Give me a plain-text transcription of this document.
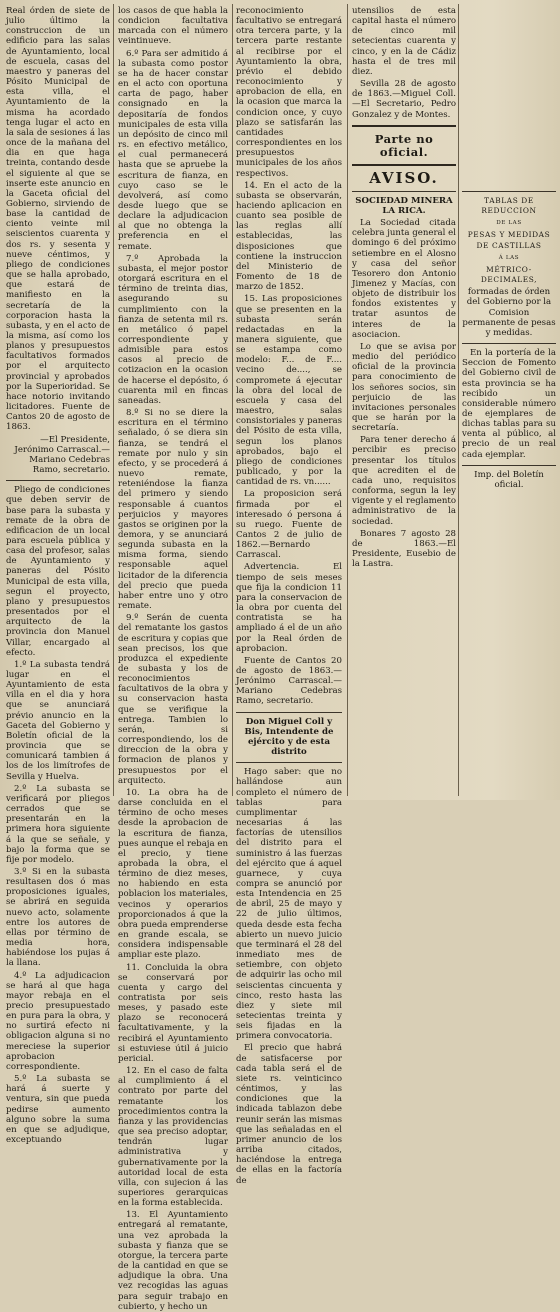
Real órden de siete de julio último la construccion de un edificio para las salas de Ayuntamiento, local de escuela, casas del maestro y paneras del Pósito Municipal de esta villa, el Ayuntamiento de la misma ha acordado tenga lugar el acto en la sala de sesiones á las once de la mañana del dia en que haga treinta, contando desde el siguiente al que se inserte este anuncio en la Gaceta oficial del Gobierno, sirviendo de base la cantidad de ciento veinte mil seiscientos cuarenta y dos rs. y sesenta y nueve céntimos, y pliego de condiciones que se halla aprobado, que estará de manifiesto en la secretaría de la corporacion hasta la subasta, y en el acto de la misma, así como los planos y presupuestos facultativos formados por el arquitecto provincial y aprobados por la Superioridad. Se hace notorio invitando licitadores. Fuente de Cantos 20 de agosto de 1863.

—El Presidente, Jerónimo Carrascal.—Mariano Cedebras Ramo, secretario.

Pliego de condiciones que deben servir de base para la subasta y remate de la obra de edificacion de un local para escuela pública y casa del profesor, salas de Ayuntamiento y paneras del Pósito Municipal de esta villa, segun el proyecto, plano y presupuestos presentados por el arquitecto de la provincia don Manuel Villar, encargado al efecto.

1.º La subasta tendrá lugar en el Ayuntamiento de esta villa en el dia y hora que se anunciará prévio anuncio en la Gaceta del Gobierno y Boletín oficial de la provincia que se comunicará tambien á los de los limítrofes de Sevilla y Huelva.

2.º La subasta se verificará por pliegos cerrados que se presentarán en la primera hora siguiente á la que se señale, y bajo la forma que se fije por modelo.

3.º Si en la subasta resultasen dos ó mas proposiciones iguales, se abrirá en seguida nuevo acto, solamente entre los autores de ellas por término de media hora, habiéndose los pujas á la llana.

4.º La adjudicacion se hará al que haga mayor rebaja en el precio presupuestado en pura para la obra, y no surtirá efecto ni obligacion alguna si no mereciese la superior aprobacion correspondiente.

5.º La subasta se hará á suerte y ventura, sin que pueda pedirse aumento alguno sobre la suma en que se adjudique, exceptuando

los casos de que habla la condicion facultativa marcada con el número veintinueve.

6.º Para ser admitido á la subasta como postor se ha de hacer constar en el acto con oportuna carta de pago, haber consignado en la depositaría de fondos municipales de esta villa un depósito de cinco mil rs. en efectivo metálico, el cual permanecerá hasta que se apruebe la escritura de fianza, en cuyo caso se le devolverá, así como desde luego que se declare la adjudicacion al que no obtenga la preferencia en el remate.

7.º Aprobada la subasta, el mejor postor otorgará escritura en el término de treinta dias, asegurando su cumplimiento con la fianza de setenta mil rs. en metálico ó papel correspondiente y admisible para estos casos al precio de cotizacion en la ocasion de hacerse el depósito, ó cuarenta mil en fincas saneadas.

8.º Si no se diere la escritura en el término señalado, ó se diera sin fianza, se tendrá el remate por nulo y sin efecto, y se procederá á nuevo remate, reteniéndose la fianza del primero y siendo responsable á cuantos perjuicios y mayores gastos se originen por la demora, y se anunciará segunda subasta en la misma forma, siendo responsable aquel licitador de la diferencia del precio que pueda haber entre uno y otro remate.

9.º Serán de cuenta del rematante los gastos de escritura y copias que sean precisos, los que produzca el expediente de subasta y los de reconocimientos facultativos de la obra y su conservacion hasta que se verifique la entrega. Tambien lo serán, si correspondiendo, los de direccion de la obra y formacion de planos y presupuestos por el arquitecto.

10. La obra ha de darse concluida en el término de ocho meses desde la aprobacion de la escritura de fianza, pues aunque el rebaja en el precio, y tiene aprobada la obra, el término de diez meses, no habiendo en esta poblacion los materiales, vecinos y operarios proporcionados á que la obra pueda emprenderse en grande escala, se considera indispensable ampliar este plazo.

11. Concluida la obra se conservará por cuenta y cargo del contratista por seis meses, y pasado este plazo se reconocerá facultativamente, y la recibirá el Ayuntamiento si estuviese útil á juicio pericial.

12. En el caso de falta al cumplimiento á el contrato por parte del rematante los procedimientos contra la fianza y las providencias que sea preciso adoptar, tendrán lugar administrativa y gubernativamente por la autoridad local de esta villa, con sujecion á las superiores gerarquicas en la forma establecida.

13. El Ayuntamiento entregará al rematante, una vez aprobada la subasta y fianza que se otorgue, la tercera parte de la cantidad en que se adjudique la obra. Una vez recogidas las aguas para seguir trabajo en cubierto, y hecho un

reconocimiento facultativo se entregará otra tercera parte, y la tercera parte restante al recibirse por el Ayuntamiento la obra, prévio el debido reconocimiento y aprobacion de ella, en la ocasion que marca la condicion once, y cuyo plazo se satisfarán las cantidades correspondientes en los presupuestos municipales de los años respectivos.

14. En el acto de la subasta se observarán, haciendo aplicacion en cuanto sea posible de las reglas allí establecidas, las disposiciones que contiene la instruccion del Ministerio de Fomento de 18 de marzo de 1852.

15. Las proposiciones que se presenten en la subasta serán redactadas en la manera siguiente, que se estampa como modelo: F... de F.... vecino de...., se compromete á ejecutar la obra del local de escuela y casa del maestro, salas consistoriales y paneras del Pósito de esta villa, segun los planos aprobados, bajo el pliego de condiciones publicado, y por la cantidad de rs. vn......

La proposicion será firmada por el interesado ó persona á su ruego. Fuente de Cantos 2 de julio de 1862.—Bernardo Carrascal.

Advertencia. El tiempo de seis meses que fija la condicion 11 para la conservacion de la obra por cuenta del contratista se ha ampliado á el de un año por la Real órden de aprobacion.

Fuente de Cantos 20 de agosto de 1863.—Jerónimo Carrascal.—Mariano Cedebras Ramo, secretario.

Don Miguel Coll y Bis, Intendente de ejército y de esta distrito

Hago saber: que no hallándose aun completo el número de tablas para cumplimentar necesarias á las factorías de utensilios del distrito para el suministro á las fuerzas del ejército que á aquel guarnece, y cuya compra se anunció por esta Intendencia en 25 de abril, 25 de mayo y 22 de julio últimos, queda desde esta fecha abierto un nuevo juicio que terminará el 28 del inmediato mes de setiembre, con objeto de adquirir las ocho mil seiscientas cincuenta y cinco, resto hasta las diez y siete mil setecientas treinta y seis fijadas en la primera convocatoria.

El precio que habrá de satisfacerse por cada tabla será el de siete rs. veinticinco céntimos, y las condiciones que la indicada tablazon debe reunir serán las mismas que las señaladas en el primer anuncio de los arriba citados, haciéndose la entrega de ellas en la factoría de

utensilios de esta capital hasta el número de cinco mil setecientas cuarenta y cinco, y en la de Cádiz hasta el de tres mil diez.

Sevilla 28 de agosto de 1863.—Miguel Coll.—El Secretario, Pedro Gonzalez y de Montes.

Parte no oficial.
AVISO.

SOCIEDAD MINERA LA RICA.

La Sociedad citada celebra junta general el domingo 6 del próximo setiembre en el Alosno y casa del señor Tesorero don Antonio Jimenez y Macías, con objeto de distribuir los fondos existentes y tratar asuntos de interes de la asociacion.

Lo que se avisa por medio del periódico oficial de la provincia para conocimiento de los señores socios, sin perjuicio de las invitaciones personales que se harán por la secretaría.

Para tener derecho á percibir es preciso presentar los títulos que acrediten el de cada uno, requisitos conforma, segun la ley vigente y el reglamento administrativo de la sociedad.

Bonares 7 agosto 28 de 1863.—El Presidente, Eusebio de la Lastra.

TABLAS DE REDUCCION

DE LAS

PESAS Y MEDIDAS DE CASTILLAS

Á LAS

MÉTRICO-DECIMALES,

formadas de órden del Gobierno por la Comision permanente de pesas y medidas.

En la portería de la Seccion de Fomento del Gobierno civil de esta provincia se ha recibido un considerable número de ejemplares de dichas tablas para su venta al público, al precio de un real cada ejemplar.

Imp. del Boletín oficial.
